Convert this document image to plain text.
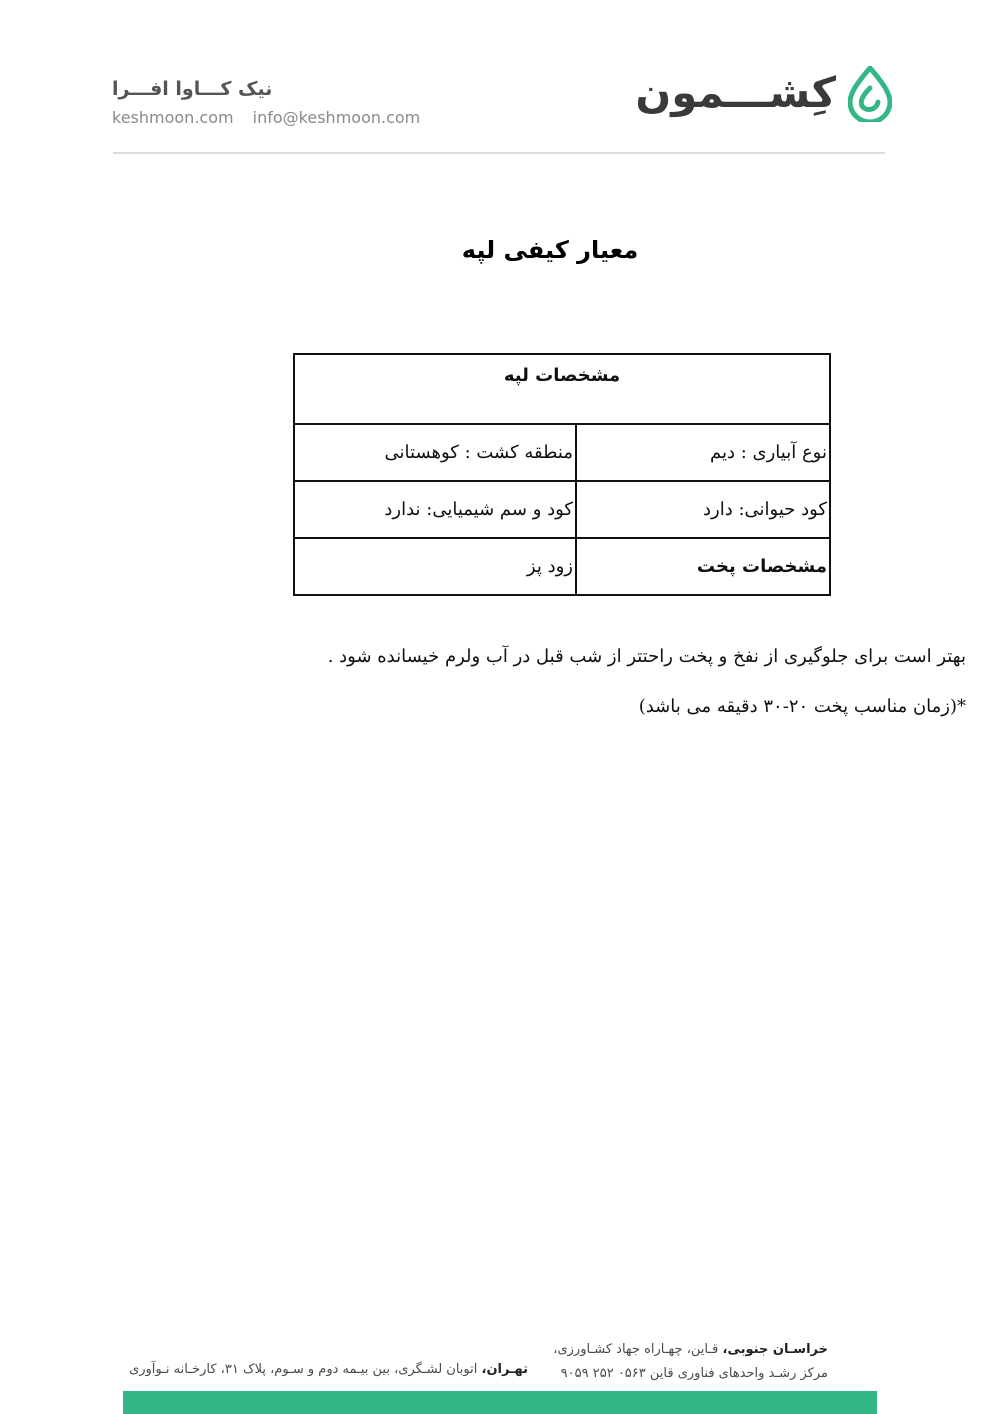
کِشـــمون
نیک کـــاوا افـــرا
keshmoon.com info@keshmoon.com
معیار کیفی لپه
مشخصات لپه	
نوع آبیاری : دیم	منطقه کشت : کوهستانی
کود حیوانی: دارد	کود و سم شیمیایی: ندارد
مشخصات پخت	زود پز
بهتر است برای جلوگیری از نفخ و پخت راحتتر از شب قبل در آب ولرم خیسانده شود .
*(زمان مناسب پخت ۲۰-۳۰ دقیقه می باشد)
خراسـان جنوبی، قـاین، چهـاراه جهاد کشـاورزی،
مرکز رشـد واحدهای فناوری قاین ۰۵۶۳ ۲۵۲ ۹۰۵۹
تهـران، اتوبان لشـگری، بین بیـمه دوم و سـوم، پلاک ۳۱، کارخـانه نـوآوری
